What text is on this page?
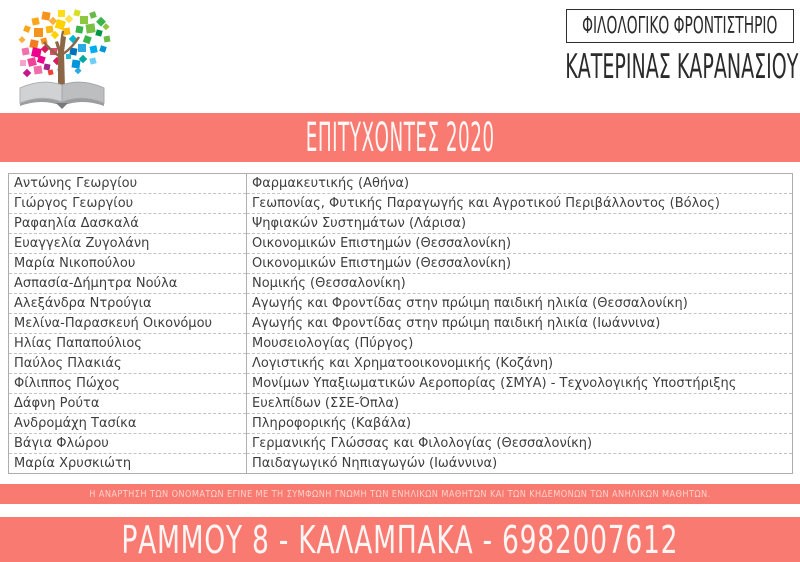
ΦΙΛΟΛΟΓΙΚΟ ΦΡΟΝΤΙΣΤΗΡΙΟ
ΚΑΤΕΡΙΝΑΣ ΚΑΡΑΝΑΣΙΟΥ
ΕΠΙΤΥΧΟΝΤΕΣ 2020
Αντώνης Γεωργίου	Φαρμακευτικής (Αθήνα)
Γιώργος Γεωργίου	Γεωπονίας, Φυτικής Παραγωγής και Αγροτικού Περιβάλλοντος (Βόλος)
Ραφαηλία Δασκαλά	Ψηφιακών Συστημάτων (Λάρισα)
Ευαγγελία Ζυγολάνη	Οικονομικών Επιστημών (Θεσσαλονίκη)
Μαρία Νικοπούλου	Οικονομικών Επιστημών (Θεσσαλονίκη)
Ασπασία-Δήμητρα Νούλα	Νομικής (Θεσσαλονίκη)
Αλεξάνδρα Ντρούγια	Αγωγής και Φροντίδας στην πρώιμη παιδική ηλικία (Θεσσαλονίκη)
Μελίνα-Παρασκευή Οικονόμου	Αγωγής και Φροντίδας στην πρώιμη παιδική ηλικία (Ιωάννινα)
Ηλίας Παπαπούλιος	Μουσειολογίας (Πύργος)
Παύλος Πλακιάς	Λογιστικής και Χρηματοοικονομικής (Κοζάνη)
Φίλιππος Πώχος	Μονίμων Υπαξιωματικών Αεροπορίας (ΣΜΥΑ) - Τεχνολογικής Υποστήριξης
Δάφνη Ρούτα	Ευελπίδων (ΣΣΕ-Όπλα)
Ανδρομάχη Τασίκα	Πληροφορικής (Καβάλα)
Βάγια Φλώρου	Γερμανικής Γλώσσας και Φιλολογίας (Θεσσαλονίκη)
Μαρία Χρυσκιώτη	Παιδαγωγικό Νηπιαγωγών (Ιωάννινα)
Η ΑΝΑΡΤΗΣΗ ΤΩΝ ΟΝΟΜΑΤΩΝ ΕΓΙΝΕ ΜΕ ΤΗ ΣΥΜΦΩΝΗ ΓΝΩΜΗ ΤΩΝ ΕΝΗΛΙΚΩΝ ΜΑΘΗΤΩΝ ΚΑΙ ΤΩΝ ΚΗΔΕΜΟΝΩΝ ΤΩΝ ΑΝΗΛΙΚΩΝ ΜΑΘΗΤΩΝ.
ΡΑΜΜΟΥ 8 - ΚΑΛΑΜΠΑΚΑ - 6982007612
